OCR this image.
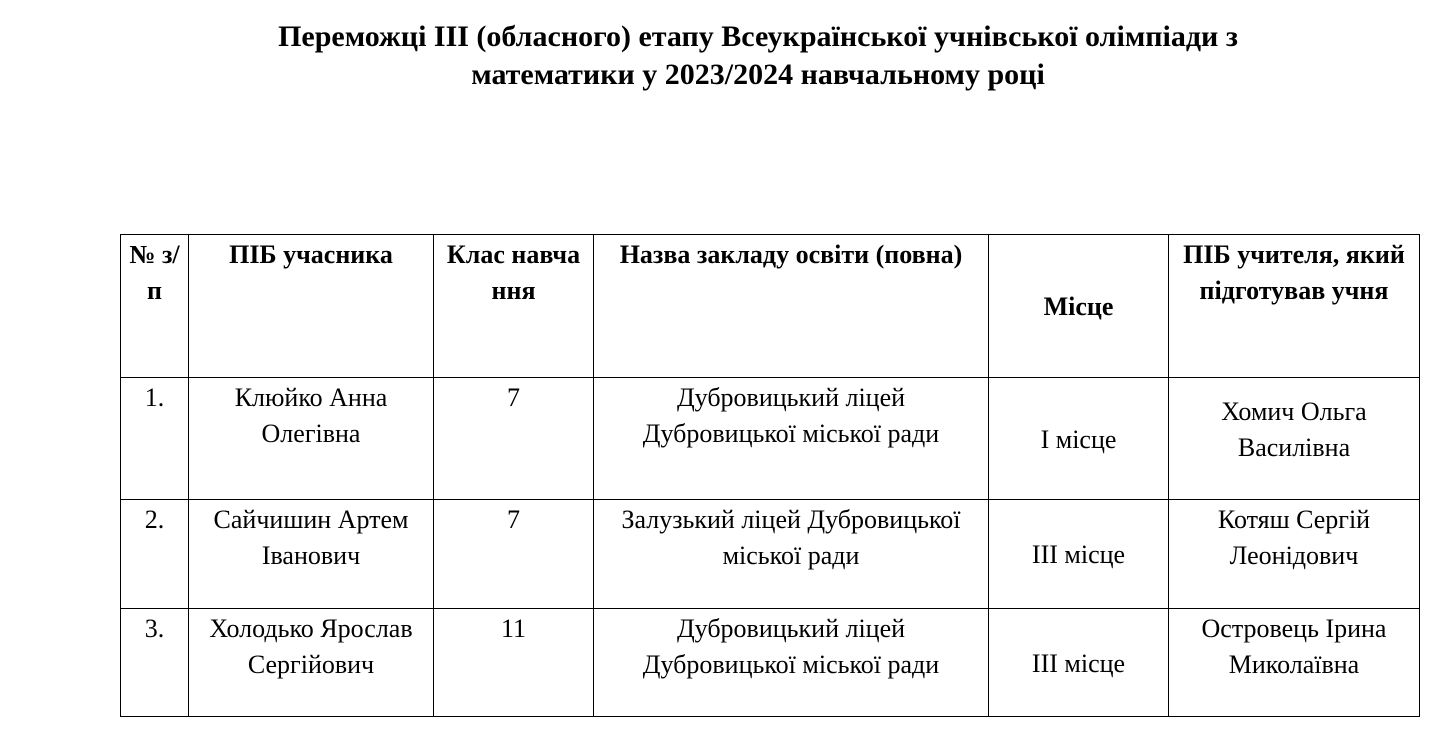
Переможці ІІІ (обласного) етапу Всеукраїнської учнівської олімпіади з
математики у 2023/2024 навчальному році
№ з/п	ПІБ учасника	Клас навчання	Назва закладу освіти (повна)	Місце	ПІБ учителя, який підготував учня
1.	Клюйко Анна Олегівна	7	Дубровицький ліцей Дубровицької міської ради	І місце	Хомич Ольга Василівна
2.	Сайчишин Артем Іванович	7	Залузький ліцей Дубровицької міської ради	ІІІ місце	Котяш Сергій Леонідович
3.	Холодько Ярослав Сергійович	11	Дубровицький ліцей Дубровицької міської ради	ІІІ місце	Островець Ірина Миколаївна
